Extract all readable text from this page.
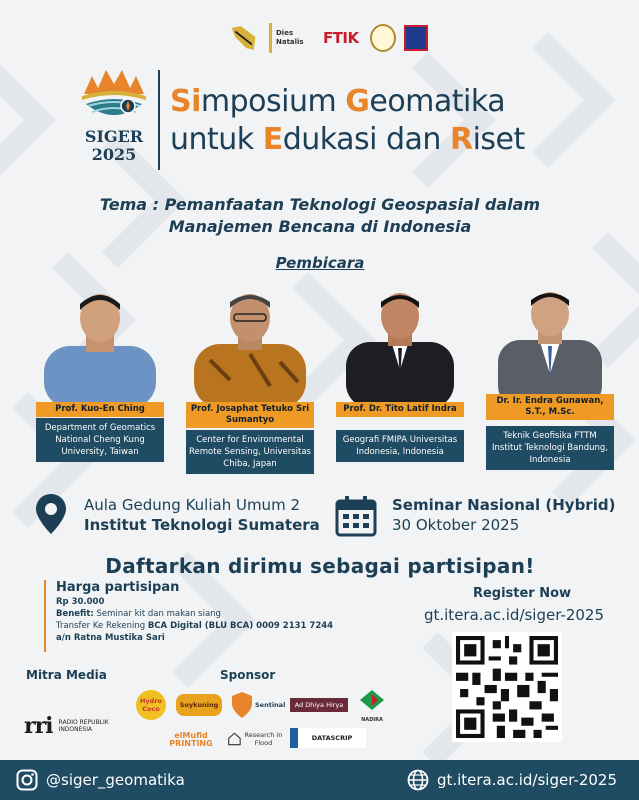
Dies Natalis	FTIK
SIGER
2025
Simposium Geomatika
untuk Edukasi dan Riset
Tema : Pemanfaatan Teknologi Geospasial dalam
Manajemen Bencana di Indonesia
Pembicara
Prof. Kuo-En Ching
Department of Geomatics National Cheng Kung University, Taiwan
Prof. Josaphat Tetuko Sri Sumantyo
Center for Environmental Remote Sensing, Universitas Chiba, Japan
Prof. Dr. Tito Latif Indra
Geografi FMIPA Universitas Indonesia, Indonesia
Dr. Ir. Endra Gunawan, S.T., M.Sc.
Teknik Geofisika FTTM Institut Teknologi Bandung, Indonesia
Aula Gedung Kuliah Umum 2
Institut Teknologi Sumatera
Seminar Nasional (Hybrid)
30 Oktober 2025
Daftarkan dirimu sebagai partisipan!
Harga partisipan
Rp 30.000
Benefit: Seminar kit dan makan siang
Transfer Ke Rekening BCA Digital (BLU BCA) 0009 2131 7244
a/n Ratna Mustika Sari
Register Now
gt.itera.ac.id/siger-2025
Mitra Media
rri RADIO REPUBLIK INDONESIA
Sponsor
Hydro Coco	Soykuning	Sentinal	Ad Dhiya Hirya
NADIRA
elMufid PRINTING
Research in Flood
DATASCRIP
@siger_geomatika	gt.itera.ac.id/siger-2025
